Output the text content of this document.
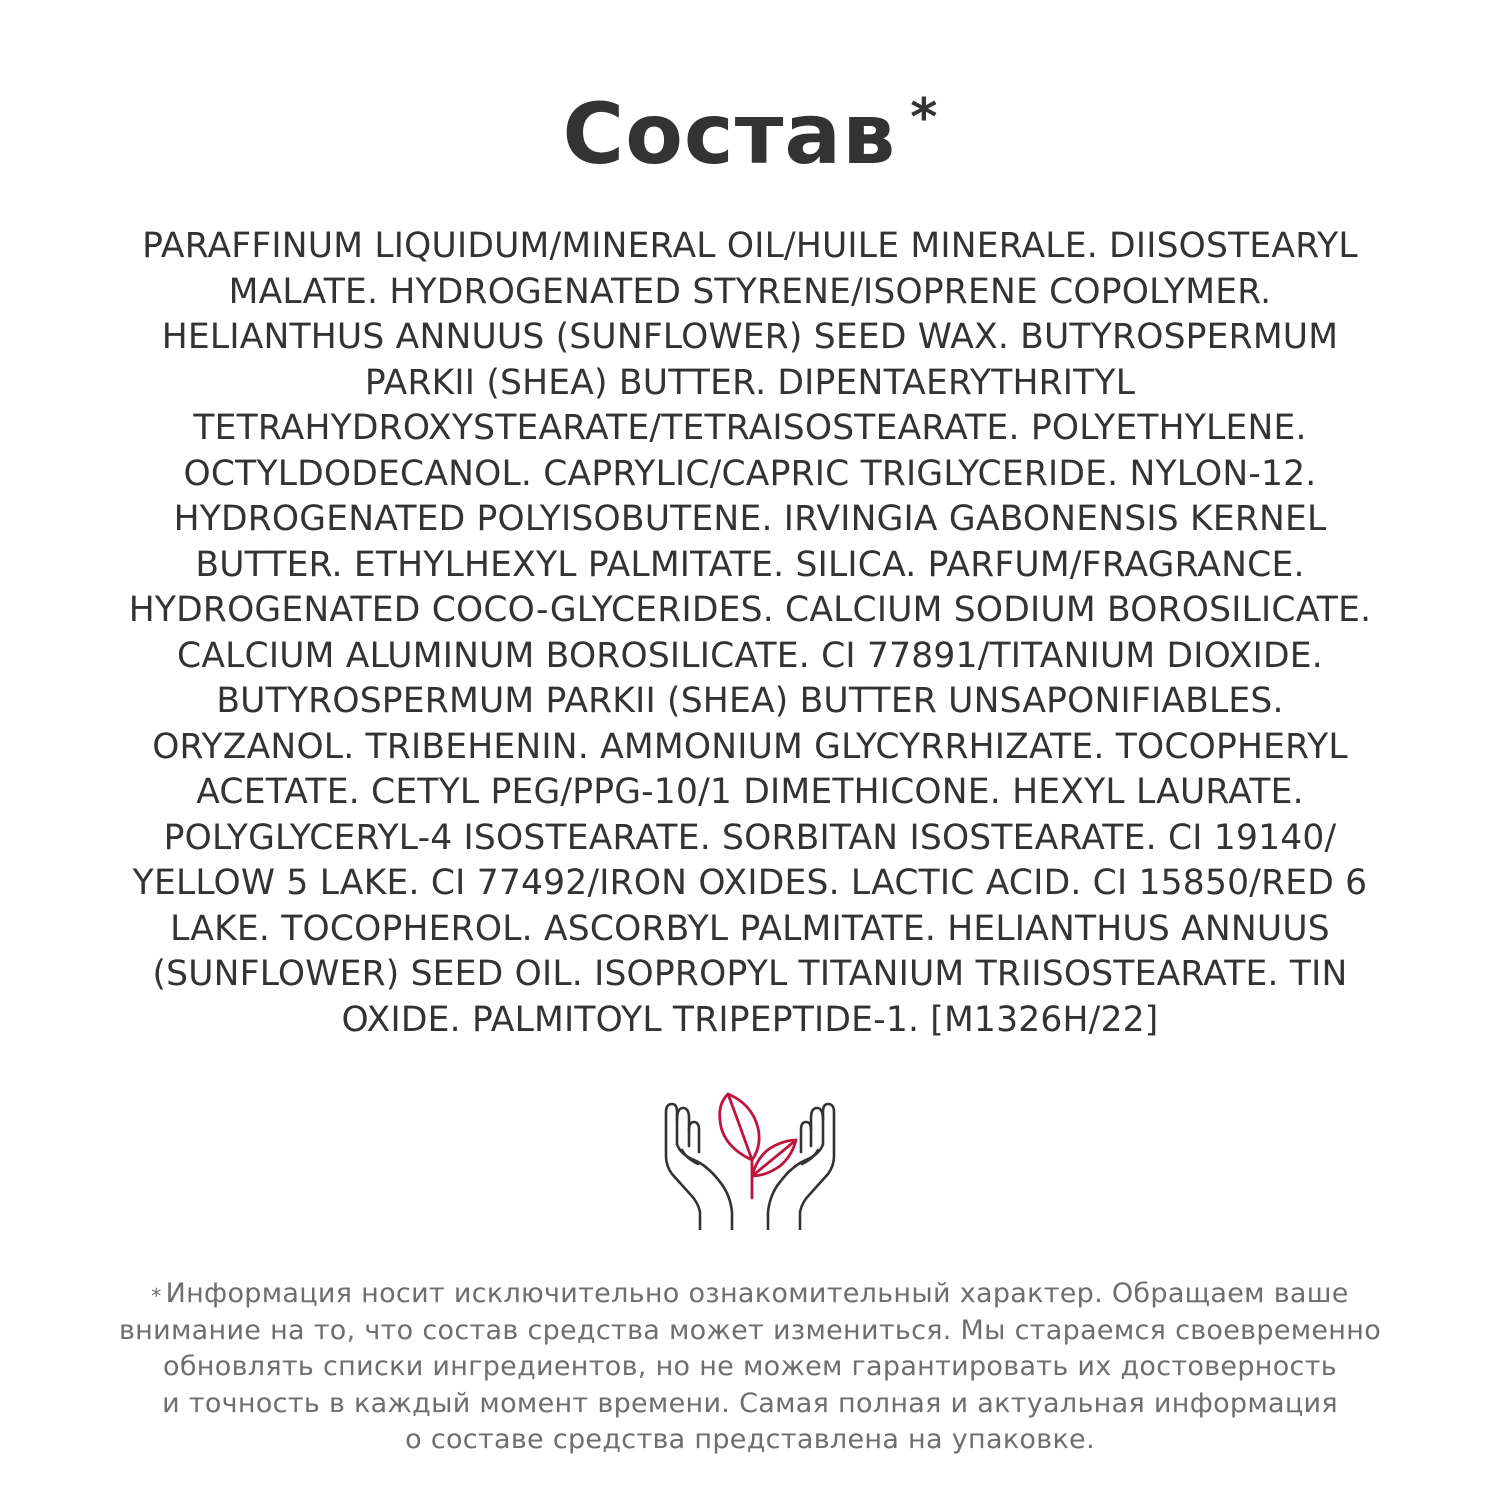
Состав *
PARAFFINUM LIQUIDUM/MINERAL OIL/HUILE MINERALE. DIISOSTEARYL
MALATE. HYDROGENATED STYRENE/ISOPRENE COPOLYMER.
HELIANTHUS ANNUUS (SUNFLOWER) SEED WAX. BUTYROSPERMUM
PARKII (SHEA) BUTTER. DIPENTAERYTHRITYL
TETRAHYDROXYSTEARATE/TETRAISOSTEARATE. POLYETHYLENE.
OCTYLDODECANOL. CAPRYLIC/CAPRIC TRIGLYCERIDE. NYLON-12.
HYDROGENATED POLYISOBUTENE. IRVINGIA GABONENSIS KERNEL
BUTTER. ETHYLHEXYL PALMITATE. SILICA. PARFUM/FRAGRANCE.
HYDROGENATED COCO-GLYCERIDES. CALCIUM SODIUM BOROSILICATE.
CALCIUM ALUMINUM BOROSILICATE. CI 77891/TITANIUM DIOXIDE.
BUTYROSPERMUM PARKII (SHEA) BUTTER UNSAPONIFIABLES.
ORYZANOL. TRIBEHENIN. AMMONIUM GLYCYRRHIZATE. TOCOPHERYL
ACETATE. CETYL PEG/PPG-10/1 DIMETHICONE. HEXYL LAURATE.
POLYGLYCERYL-4 ISOSTEARATE. SORBITAN ISOSTEARATE. CI 19140/
YELLOW 5 LAKE. CI 77492/IRON OXIDES. LACTIC ACID. CI 15850/RED 6
LAKE. TOCOPHEROL. ASCORBYL PALMITATE. HELIANTHUS ANNUUS
(SUNFLOWER) SEED OIL. ISOPROPYL TITANIUM TRIISOSTEARATE. TIN
OXIDE. PALMITOYL TRIPEPTIDE-1. [M1326H/22]
* Информация носит исключительно ознакомительный характер. Обращаем ваше
внимание на то, что состав средства может измениться. Мы стараемся своевременно
обновлять списки ингредиентов, но не можем гарантировать их достоверность
и точность в каждый момент времени. Самая полная и актуальная информация
о составе средства представлена на упаковке.
